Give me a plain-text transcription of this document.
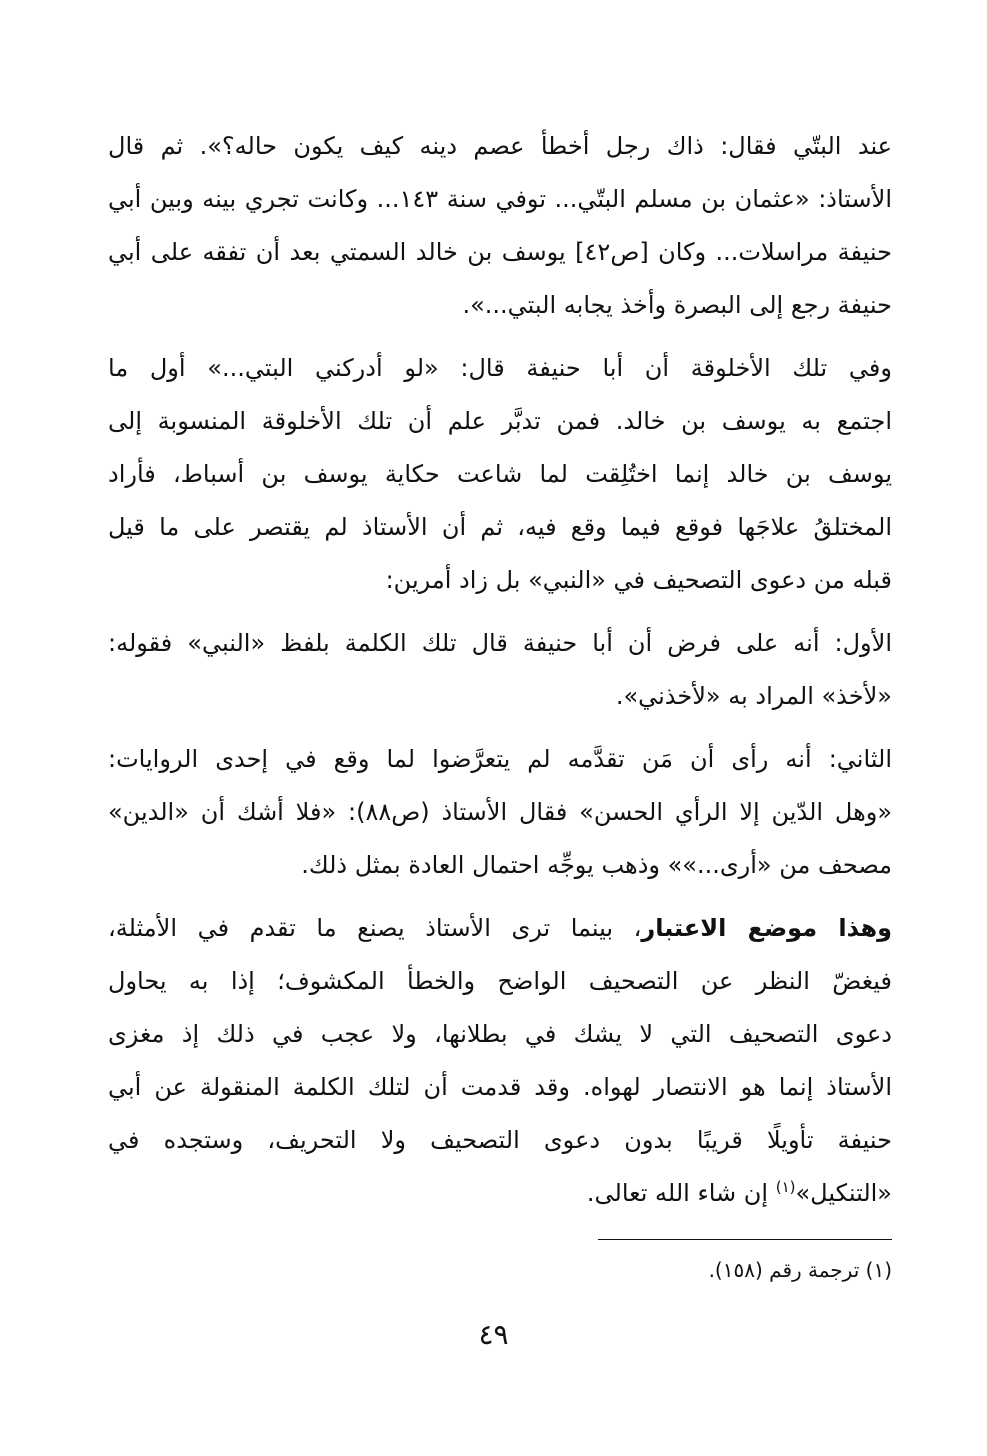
عند البتّي فقال: ذاك رجل أخطأ عصم دينه كيف يكون حاله؟». ثم قال
الأستاذ: «عثمان بن مسلم البتّي... توفي سنة ١٤٣... وكانت تجري بينه وبين أبي
حنيفة مراسلات... وكان [ص٤٢] يوسف بن خالد السمتي بعد أن تفقه على أبي
حنيفة رجع إلى البصرة وأخذ يجابه البتي...».
وفي تلك الأخلوقة أن أبا حنيفة قال: «لو أدركني البتي...» أول ما
اجتمع به يوسف بن خالد. فمن تدبَّر علم أن تلك الأخلوقة المنسوبة إلى
يوسف بن خالد إنما اختُلِقت لما شاعت حكاية يوسف بن أسباط، فأراد
المختلقُ علاجَها فوقع فيما وقع فيه، ثم أن الأستاذ لم يقتصر على ما قيل
قبله من دعوى التصحيف في «النبي» بل زاد أمرين:
الأول: أنه على فرض أن أبا حنيفة قال تلك الكلمة بلفظ «النبي» فقوله:
«لأخذ» المراد به «لأخذني».
الثاني: أنه رأى أن مَن تقدَّمه لم يتعرَّضوا لما وقع في إحدى الروايات:
«وهل الدّين إلا الرأي الحسن» فقال الأستاذ (ص٨٨): «فلا أشك أن «الدين»
مصحف من «أرى...»» وذهب يوجِّه احتمال العادة بمثل ذلك.
وهذا موضع الاعتبار، بينما ترى الأستاذ يصنع ما تقدم في الأمثلة،
فيغضّ النظر عن التصحيف الواضح والخطأ المكشوف؛ إذا به يحاول
دعوى التصحيف التي لا يشك في بطلانها، ولا عجب في ذلك إذ مغزى
الأستاذ إنما هو الانتصار لهواه. وقد قدمت أن لتلك الكلمة المنقولة عن أبي
حنيفة تأويلًا قريبًا بدون دعوى التصحيف ولا التحريف، وستجده في
«التنكيل»$^{(١)}$ إن شاء الله تعالى.
(١) ترجمة رقم (١٥٨).
٤٩
